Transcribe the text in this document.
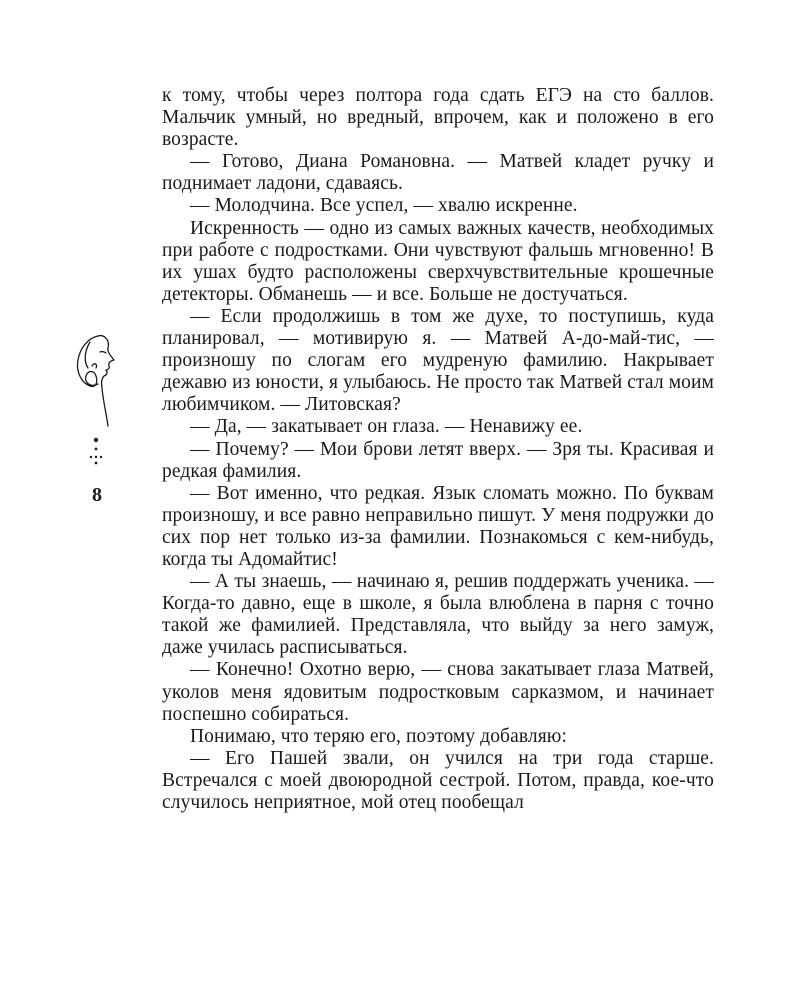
к тому, чтобы через полтора года сдать ЕГЭ на сто баллов. Мальчик умный, но вредный, впрочем, как и положено в его возрасте.

— Готово, Диана Романовна. — Матвей кладет ручку и поднимает ладони, сдаваясь.

— Молодчина. Все успел, — хвалю искренне.

Искренность — одно из самых важных качеств, необходимых при работе с подростками. Они чувствуют фальшь мгновенно! В их ушах будто расположены сверхчувствительные крошечные детекторы. Обманешь — и все. Больше не достучаться.

— Если продолжишь в том же духе, то поступишь, куда планировал, — мотивирую я. — Матвей А-до-май-тис, — произношу по слогам его мудреную фамилию. Накрывает дежавю из юности, я улыбаюсь. Не просто так Матвей стал моим любимчиком. — Литовская?

— Да, — закатывает он глаза. — Ненавижу ее.

— Почему? — Мои брови летят вверх. — Зря ты. Красивая и редкая фамилия.

— Вот именно, что редкая. Язык сломать можно. По буквам произношу, и все равно неправильно пишут. У меня подружки до сих пор нет только из-за фамилии. Познакомься с кем-нибудь, когда ты Адомайтис!

— А ты знаешь, — начинаю я, решив поддержать ученика. — Когда-то давно, еще в школе, я была влюблена в парня с точно такой же фамилией. Представляла, что выйду за него замуж, даже училась расписываться.

— Конечно! Охотно верю, — снова закатывает глаза Матвей, уколов меня ядовитым подростковым сарказмом, и начинает поспешно собираться.

Понимаю, что теряю его, поэтому добавляю:

— Его Пашей звали, он учился на три года старше. Встречался с моей двоюродной сестрой. Потом, правда, кое-что случилось неприятное, мой отец пообещал

8
